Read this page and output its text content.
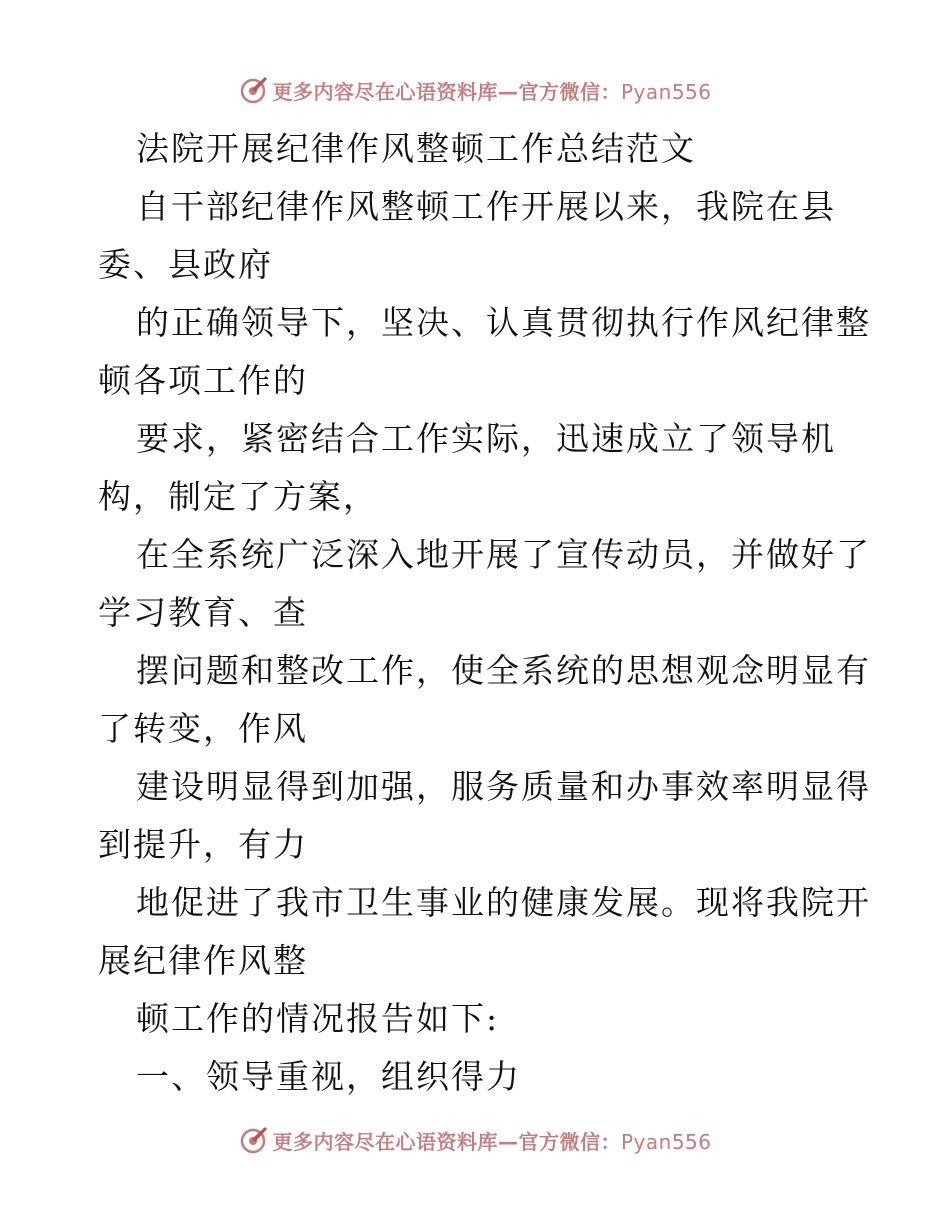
更多内容尽在心语资料库—官方微信：Pyan556
法院开展纪律作风整顿工作总结范文
自干部纪律作风整顿工作开展以来，我院在县
委、县政府
的正确领导下，坚决、认真贯彻执行作风纪律整
顿各项工作的
要求，紧密结合工作实际，迅速成立了领导机
构，制定了方案，
在全系统广泛深入地开展了宣传动员，并做好了
学习教育、查
摆问题和整改工作，使全系统的思想观念明显有
了转变，作风
建设明显得到加强，服务质量和办事效率明显得
到提升，有力
地促进了我市卫生事业的健康发展。现将我院开
展纪律作风整
顿工作的情况报告如下:
一、领导重视，组织得力
更多内容尽在心语资料库—官方微信：Pyan556
